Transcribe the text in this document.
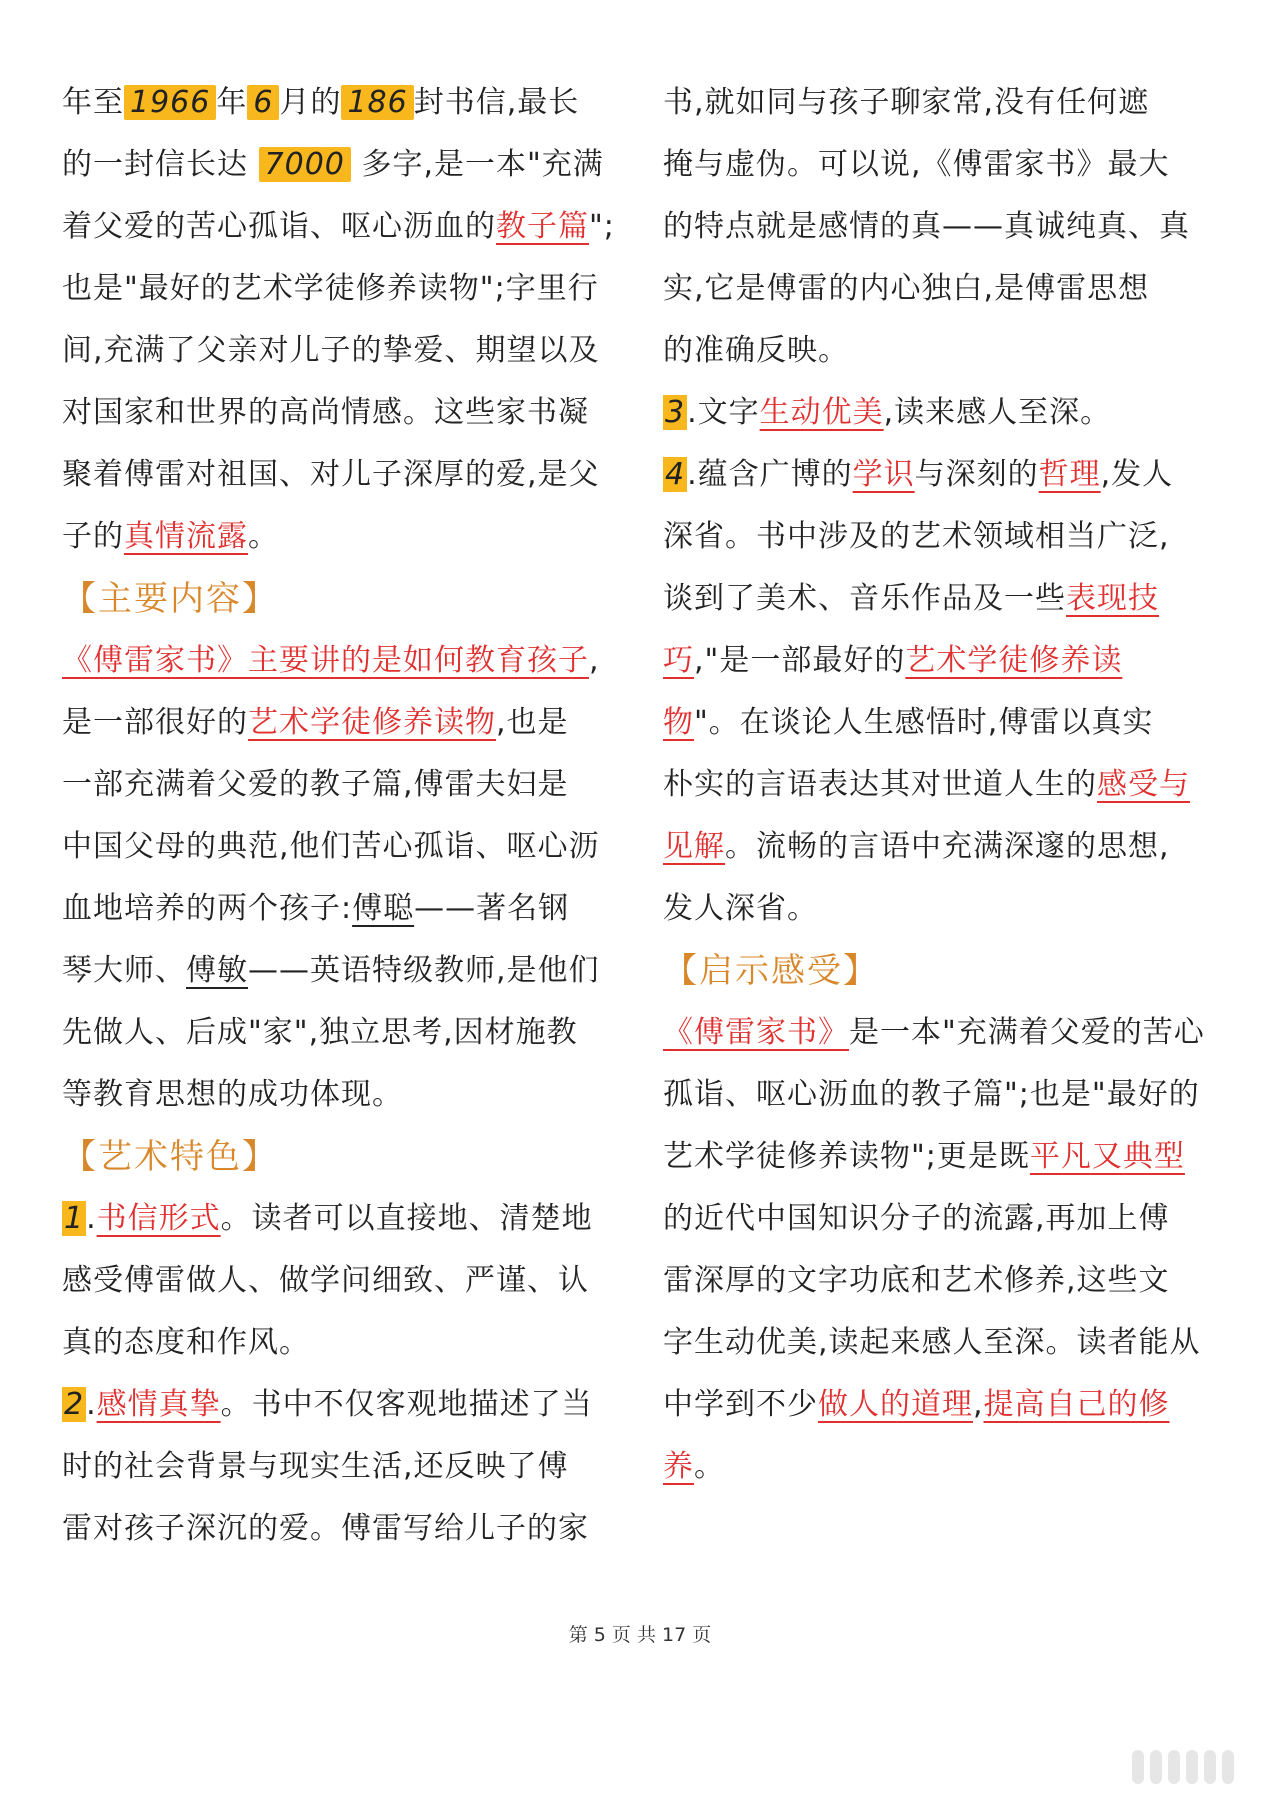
年至 1966 年 6 月的 186 封书信,最长
的一封信长达 7000 多字,是一本"充满
着父爱的苦心孤诣、呕心沥血的教子篇";
也是"最好的艺术学徒修养读物";字里行
间,充满了父亲对儿子的挚爱、期望以及
对国家和世界的高尚情感。这些家书凝
聚着傅雷对祖国、对儿子深厚的爱,是父
子的真情流露。
【主要内容】
《傅雷家书》主要讲的是如何教育孩子,
是一部很好的艺术学徒修养读物,也是
一部充满着父爱的教子篇,傅雷夫妇是
中国父母的典范,他们苦心孤诣、呕心沥
血地培养的两个孩子:傅聪——著名钢
琴大师、傅敏——英语特级教师,是他们
先做人、后成"家",独立思考,因材施教
等教育思想的成功体现。
【艺术特色】
1.书信形式。读者可以直接地、清楚地
感受傅雷做人、做学问细致、严谨、认
真的态度和作风。
2.感情真挚。书中不仅客观地描述了当
时的社会背景与现实生活,还反映了傅
雷对孩子深沉的爱。傅雷写给儿子的家
书,就如同与孩子聊家常,没有任何遮
掩与虚伪。可以说,《傅雷家书》最大
的特点就是感情的真——真诚纯真、真
实,它是傅雷的内心独白,是傅雷思想
的准确反映。
3.文字生动优美,读来感人至深。
4.蕴含广博的学识与深刻的哲理,发人
深省。书中涉及的艺术领域相当广泛,
谈到了美术、音乐作品及一些表现技
巧,"是一部最好的艺术学徒修养读
物"。在谈论人生感悟时,傅雷以真实
朴实的言语表达其对世道人生的感受与
见解。流畅的言语中充满深邃的思想,
发人深省。
【启示感受】
《傅雷家书》是一本"充满着父爱的苦心
孤诣、呕心沥血的教子篇";也是"最好的
艺术学徒修养读物";更是既平凡又典型
的近代中国知识分子的流露,再加上傅
雷深厚的文字功底和艺术修养,这些文
字生动优美,读起来感人至深。读者能从
中学到不少做人的道理,提高自己的修
养。
第 5 页 共 17 页
